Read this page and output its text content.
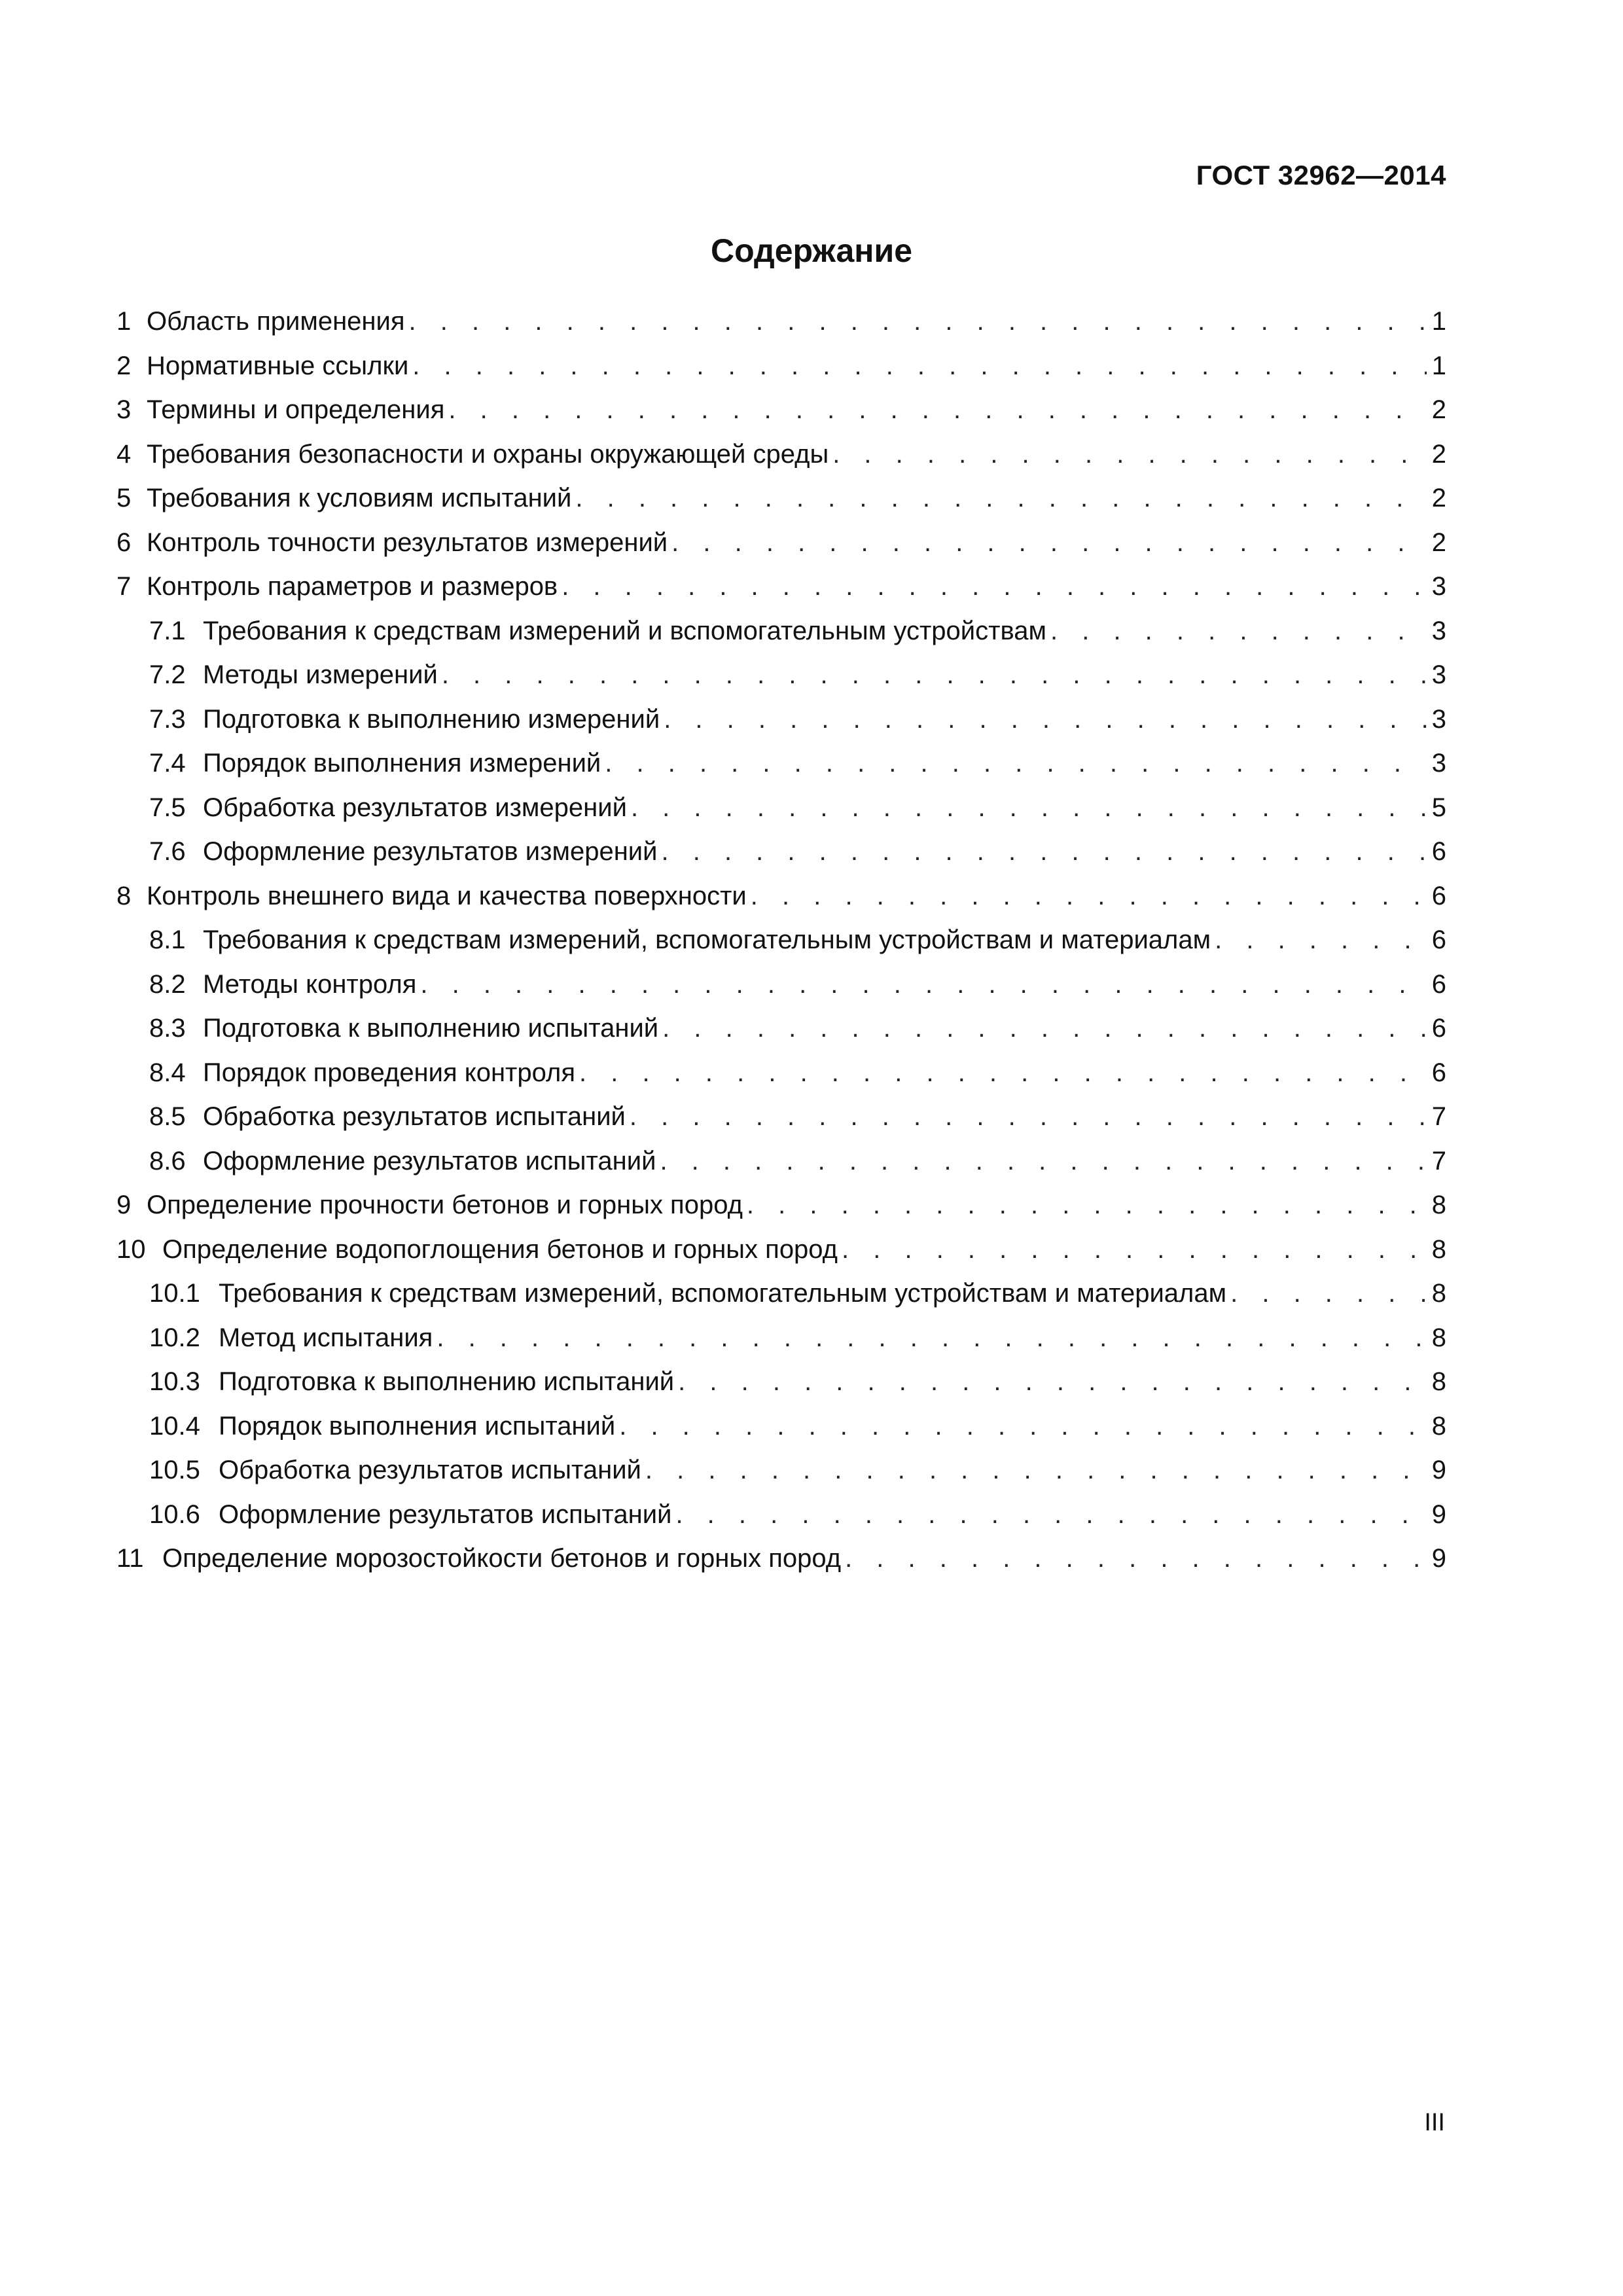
ГОСТ 32962—2014
Содержание
1 Область применения . . .	1
2 Нормативные ссылки . . .	1
3 Термины и определения . . .	2
4 Требования безопасности и охраны окружающей среды . . .	2
5 Требования к условиям испытаний . . .	2
6 Контроль точности результатов измерений . . .	2
7 Контроль параметров и размеров . . .	3
7.1 Требования к средствам измерений и вспомогательным устройствам . . .	3
7.2 Методы измерений . . .	3
7.3 Подготовка к выполнению измерений . . .	3
7.4 Порядок выполнения измерений . . .	3
7.5 Обработка результатов измерений . . .	5
7.6 Оформление результатов измерений . . .	6
8 Контроль внешнего вида и качества поверхности . . .	6
8.1 Требования к средствам измерений, вспомогательным устройствам и материалам . . .	6
8.2 Методы контроля . . .	6
8.3 Подготовка к выполнению испытаний . . .	6
8.4 Порядок проведения контроля . . .	6
8.5 Обработка результатов испытаний . . .	7
8.6 Оформление результатов испытаний . . .	7
9 Определение прочности бетонов и горных пород . . .	8
10 Определение водопоглощения бетонов и горных пород . . .	8
10.1 Требования к средствам измерений, вспомогательным устройствам и материалам . . .	8
10.2 Метод испытания . . .	8
10.3 Подготовка к выполнению испытаний . . .	8
10.4 Порядок выполнения испытаний . . .	8
10.5 Обработка результатов испытаний . . .	9
10.6 Оформление результатов испытаний . . .	9
11 Определение морозостойкости бетонов и горных пород . . .	9
III
